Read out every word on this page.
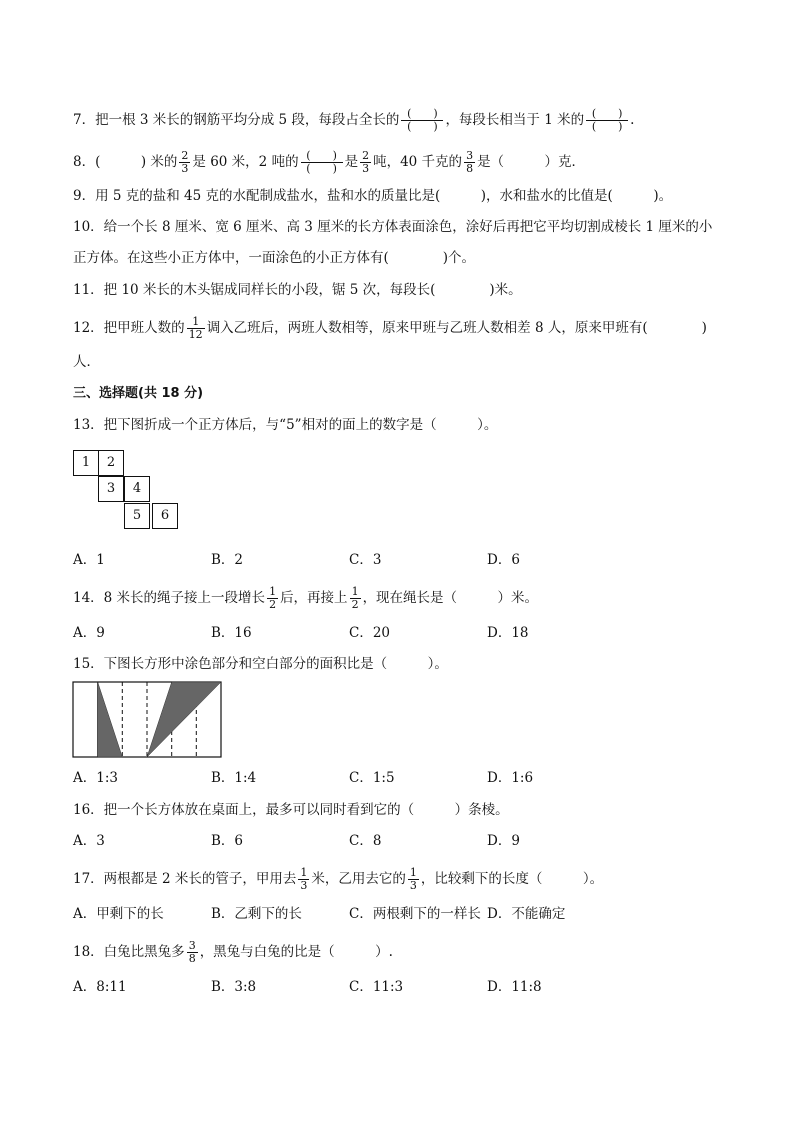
7．把一根 3 米长的钢筋平均分成 5 段，每段占全长的 $\frac{( )}{( )}$ ，每段长相当于 1 米的 $\frac{( )}{( )}$ .
8．(　　　) 米的 $\frac{2}{3}$ 是 60 米，2 吨的 $\frac{( )}{( )}$ 是 $\frac{2}{3}$ 吨，40 千克的 $\frac{3}{8}$ 是（　　　）克．
9．用 5 克的盐和 45 克的水配制成盐水，盐和水的质量比是(　　　)，水和盐水的比值是(　　　)。
10．给一个长 8 厘米、宽 6 厘米、高 3 厘米的长方体表面涂色，涂好后再把它平均切割成棱长 1 厘米的小
正方体。在这些小正方体中，一面涂色的小正方体有(　　　　)个。
11．把 10 米长的木头锯成同样长的小段，锯 5 次，每段长(　　　　)米。
12．把甲班人数的 $\frac{1}{12}$ 调入乙班后，两班人数相等，原来甲班与乙班人数相差 8 人，原来甲班有(　　　　)
人．
三、选择题(共 18 分)
13．把下图折成一个正方体后，与“5”相对的面上的数字是（　　　）。
1	2
3	4
5	6
A．1	B．2	C．3	D．6
14．8 米长的绳子接上一段增长 $\frac{1}{2}$ 后，再接上 $\frac{1}{2}$ ，现在绳长是（　　　）米。
A．9	B．16	C．20	D．18
15．下图长方形中涂色部分和空白部分的面积比是（　　　）。
A．1:3	B．1:4	C．1:5	D．1:6
16．把一个长方体放在桌面上，最多可以同时看到它的（　　　）条棱。
A．3	B．6	C．8	D．9
17．两根都是 2 米长的管子，甲用去 $\frac{1}{3}$ 米，乙用去它的 $\frac{1}{3}$ ，比较剩下的长度（　　　）。
A．甲剩下的长	B．乙剩下的长	C．两根剩下的一样长 D．不能确定
18．白兔比黑兔多 $\frac{3}{8}$ ，黑兔与白兔的比是（　　　）.
A．8:11	B．3:8	C．11:3	D．11:8
